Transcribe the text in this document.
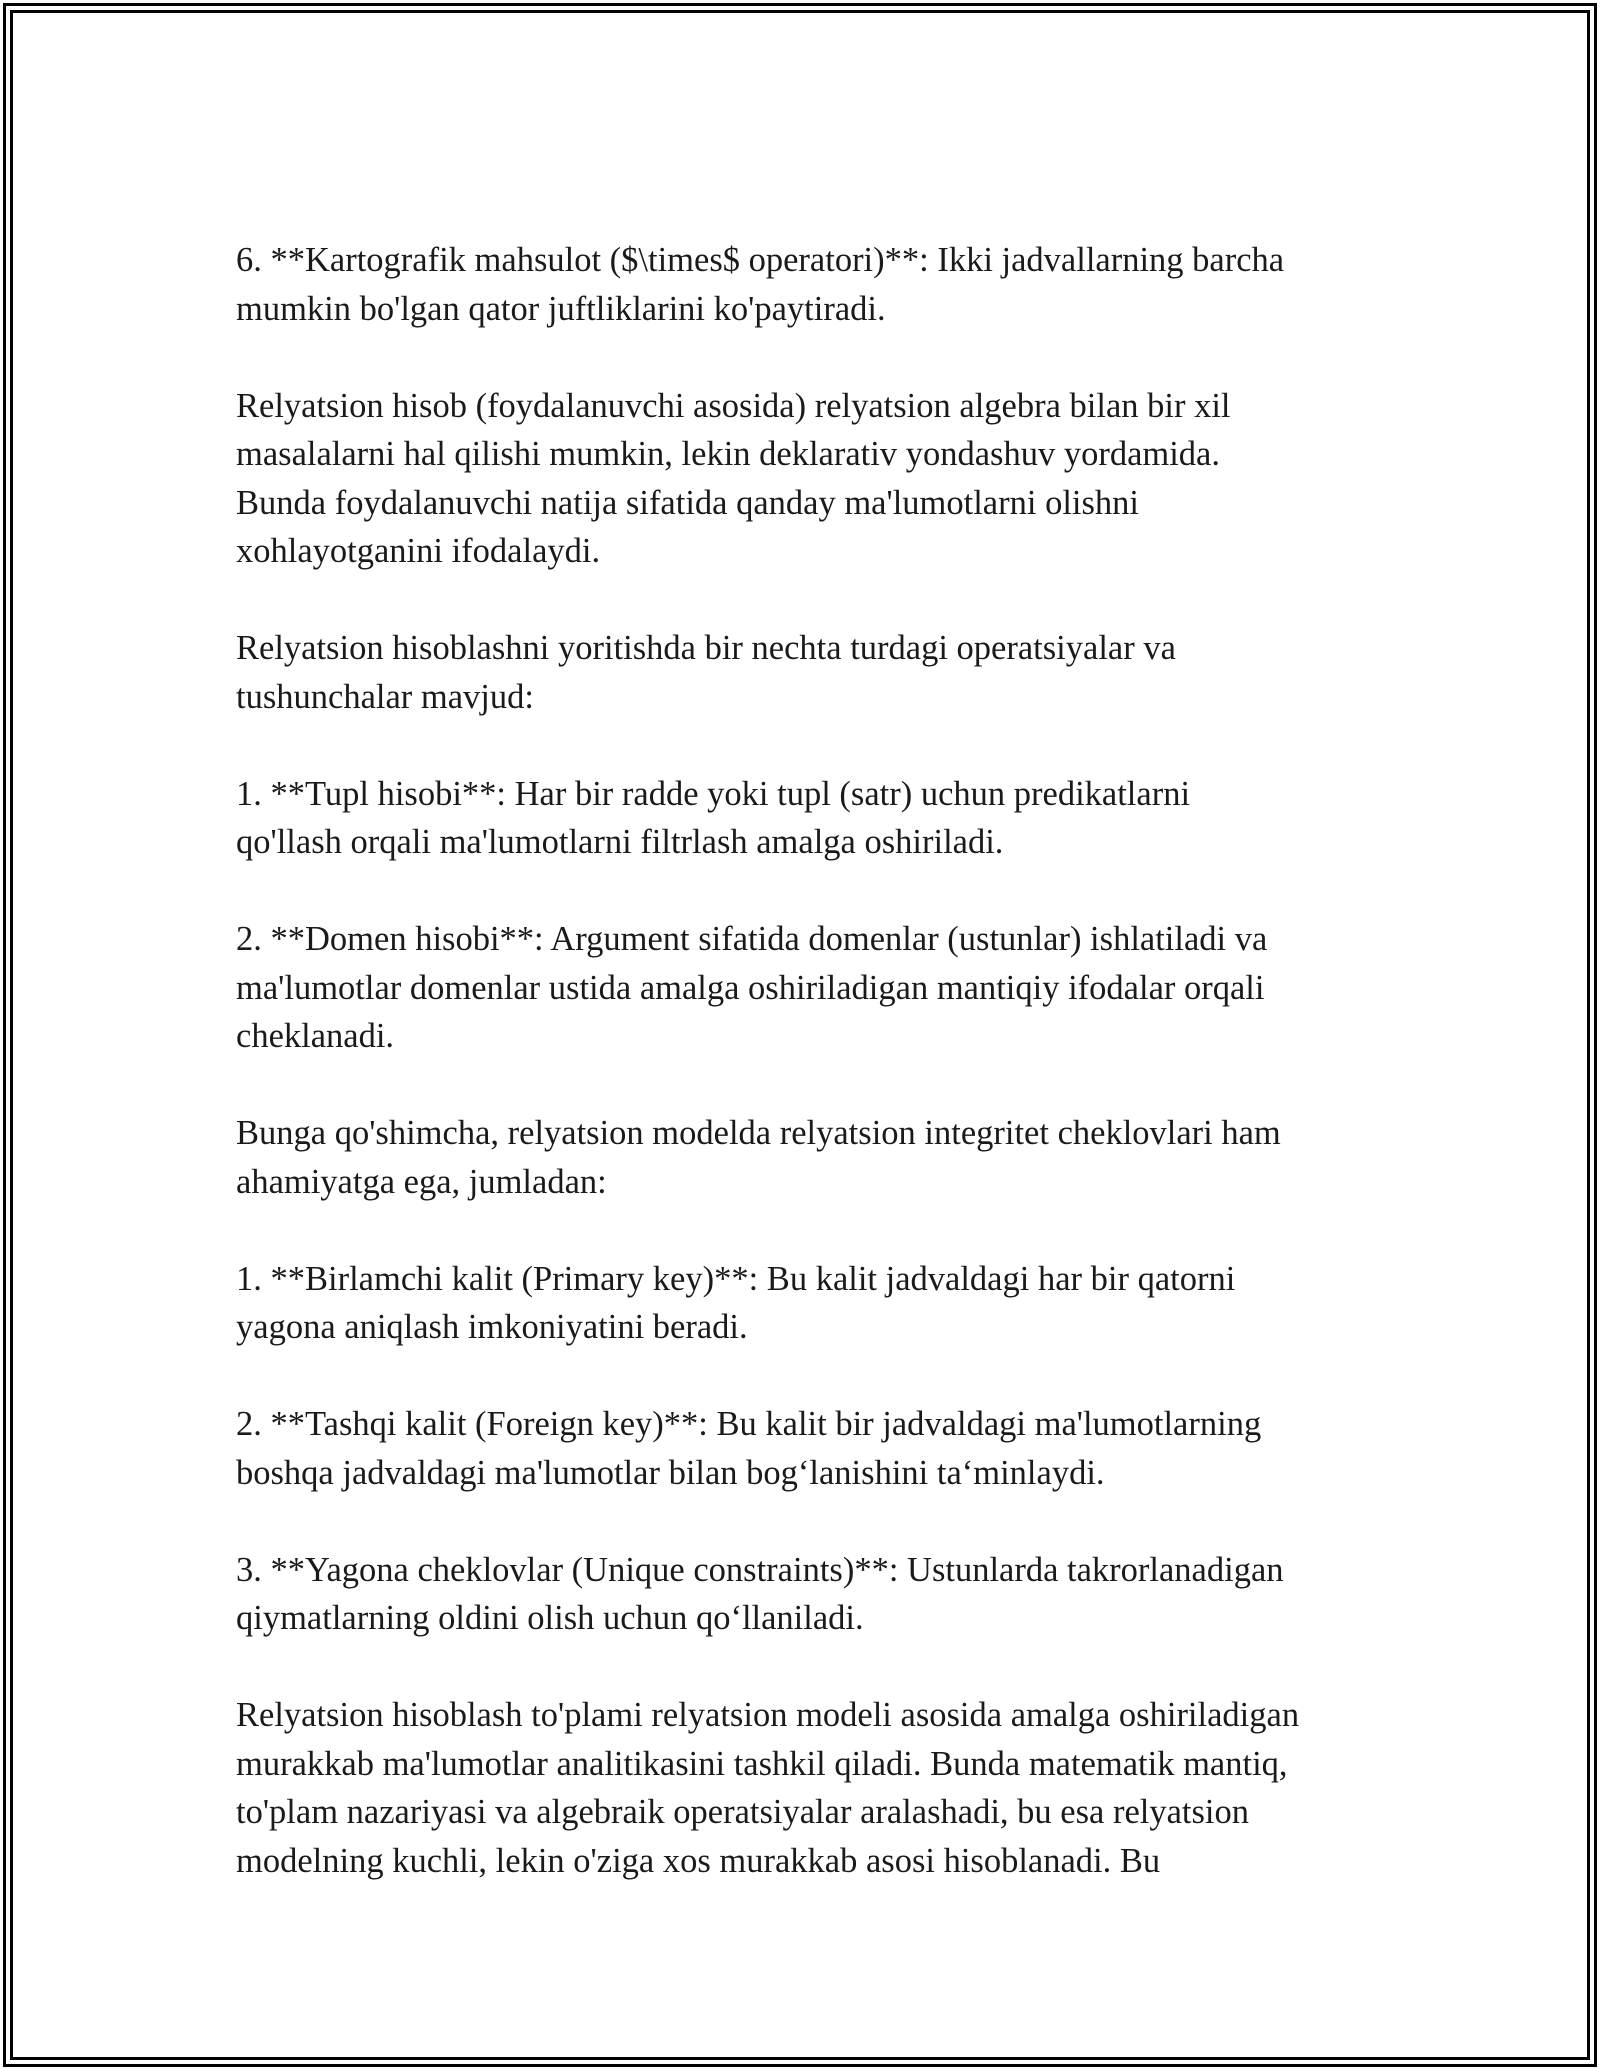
6. **Kartografik mahsulot ($\times$ operatori)**: Ikki jadvallarning barcha
mumkin bo'lgan qator juftliklarini ko'paytiradi.

Relyatsion hisob (foydalanuvchi asosida) relyatsion algebra bilan bir xil
masalalarni hal qilishi mumkin, lekin deklarativ yondashuv yordamida.
Bunda foydalanuvchi natija sifatida qanday ma'lumotlarni olishni
xohlayotganini ifodalaydi.

Relyatsion hisoblashni yoritishda bir nechta turdagi operatsiyalar va
tushunchalar mavjud:

1. **Tupl hisobi**: Har bir radde yoki tupl (satr) uchun predikatlarni
qo'llash orqali ma'lumotlarni filtrlash amalga oshiriladi.

2. **Domen hisobi**: Argument sifatida domenlar (ustunlar) ishlatiladi va
ma'lumotlar domenlar ustida amalga oshiriladigan mantiqiy ifodalar orqali
cheklanadi.

Bunga qo'shimcha, relyatsion modelda relyatsion integritet cheklovlari ham
ahamiyatga ega, jumladan:

1. **Birlamchi kalit (Primary key)**: Bu kalit jadvaldagi har bir qatorni
yagona aniqlash imkoniyatini beradi.

2. **Tashqi kalit (Foreign key)**: Bu kalit bir jadvaldagi ma'lumotlarning
boshqa jadvaldagi ma'lumotlar bilan bog‘lanishini ta‘minlaydi.

3. **Yagona cheklovlar (Unique constraints)**: Ustunlarda takrorlanadigan
qiymatlarning oldini olish uchun qo‘llaniladi.

Relyatsion hisoblash to'plami relyatsion modeli asosida amalga oshiriladigan
murakkab ma'lumotlar analitikasini tashkil qiladi. Bunda matematik mantiq,
to'plam nazariyasi va algebraik operatsiyalar aralashadi, bu esa relyatsion
modelning kuchli, lekin o'ziga xos murakkab asosi hisoblanadi. Bu
